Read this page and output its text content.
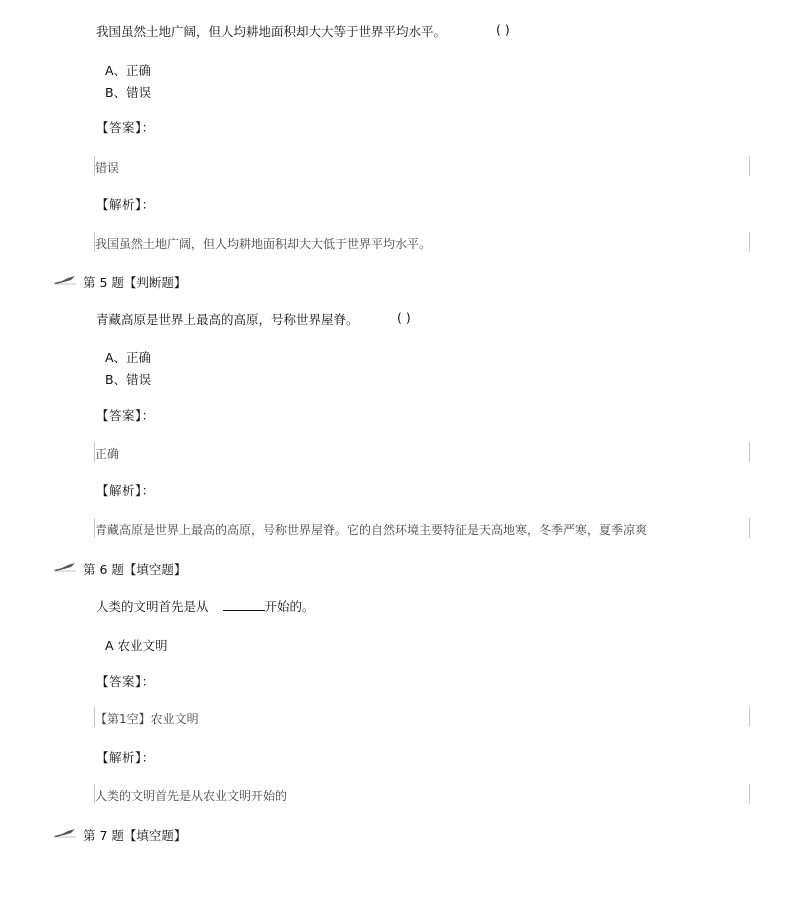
我国虽然土地广阔，但人均耕地面积却大大等于世界平均水平。	( )
A、正确
B、错误
【答案】：
错误
【解析】：
我国虽然土地广阔，但人均耕地面积却大大低于世界平均水平。
第 5 题【判断题】
青藏高原是世界上最高的高原，号称世界屋脊。	( )
A、正确
B、错误
【答案】：
正确
【解析】：
青藏高原是世界上最高的高原，号称世界屋脊。它的自然环境主要特征是天高地寒，冬季严寒，夏季凉爽
第 6 题【填空题】
人类的文明首先是从	开始的。
A 农业文明
【答案】：
【第1空】农业文明
【解析】：
人类的文明首先是从农业文明开始的
第 7 题【填空题】
